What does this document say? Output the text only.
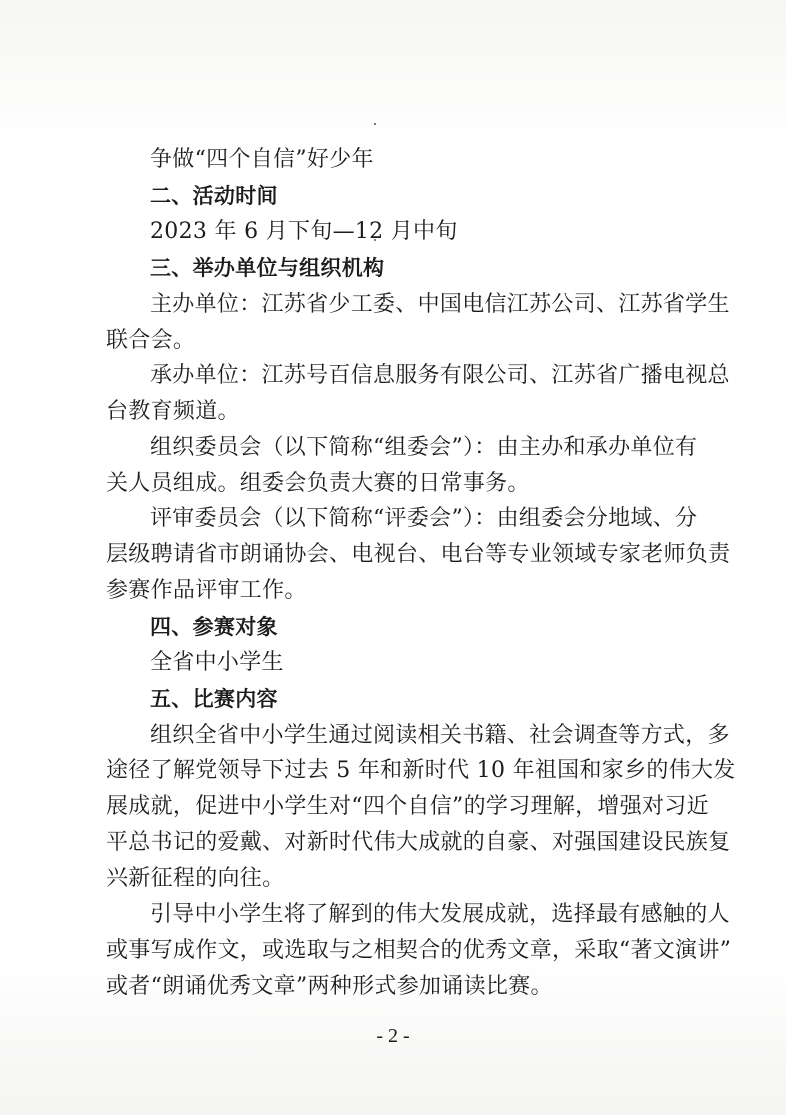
争做“四个自信”好少年
二、活动时间
2023 年 6 月下旬—12 月中旬
三、举办单位与组织机构
主办单位：江苏省少工委、中国电信江苏公司、江苏省学生
联合会。
承办单位：江苏号百信息服务有限公司、江苏省广播电视总
台教育频道。
组织委员会（以下简称“组委会”）：由主办和承办单位有
关人员组成。组委会负责大赛的日常事务。
评审委员会（以下简称“评委会”）：由组委会分地域、分
层级聘请省市朗诵协会、电视台、电台等专业领域专家老师负责
参赛作品评审工作。
四、参赛对象
全省中小学生
五、比赛内容
组织全省中小学生通过阅读相关书籍、社会调查等方式，多
途径了解党领导下过去 5 年和新时代 10 年祖国和家乡的伟大发
展成就，促进中小学生对“四个自信”的学习理解，增强对习近
平总书记的爱戴、对新时代伟大成就的自豪、对强国建设民族复
兴新征程的向往。
引导中小学生将了解到的伟大发展成就，选择最有感触的人
或事写成作文，或选取与之相契合的优秀文章，采取“著文演讲”
或者“朗诵优秀文章”两种形式参加诵读比赛。
- 2 -
